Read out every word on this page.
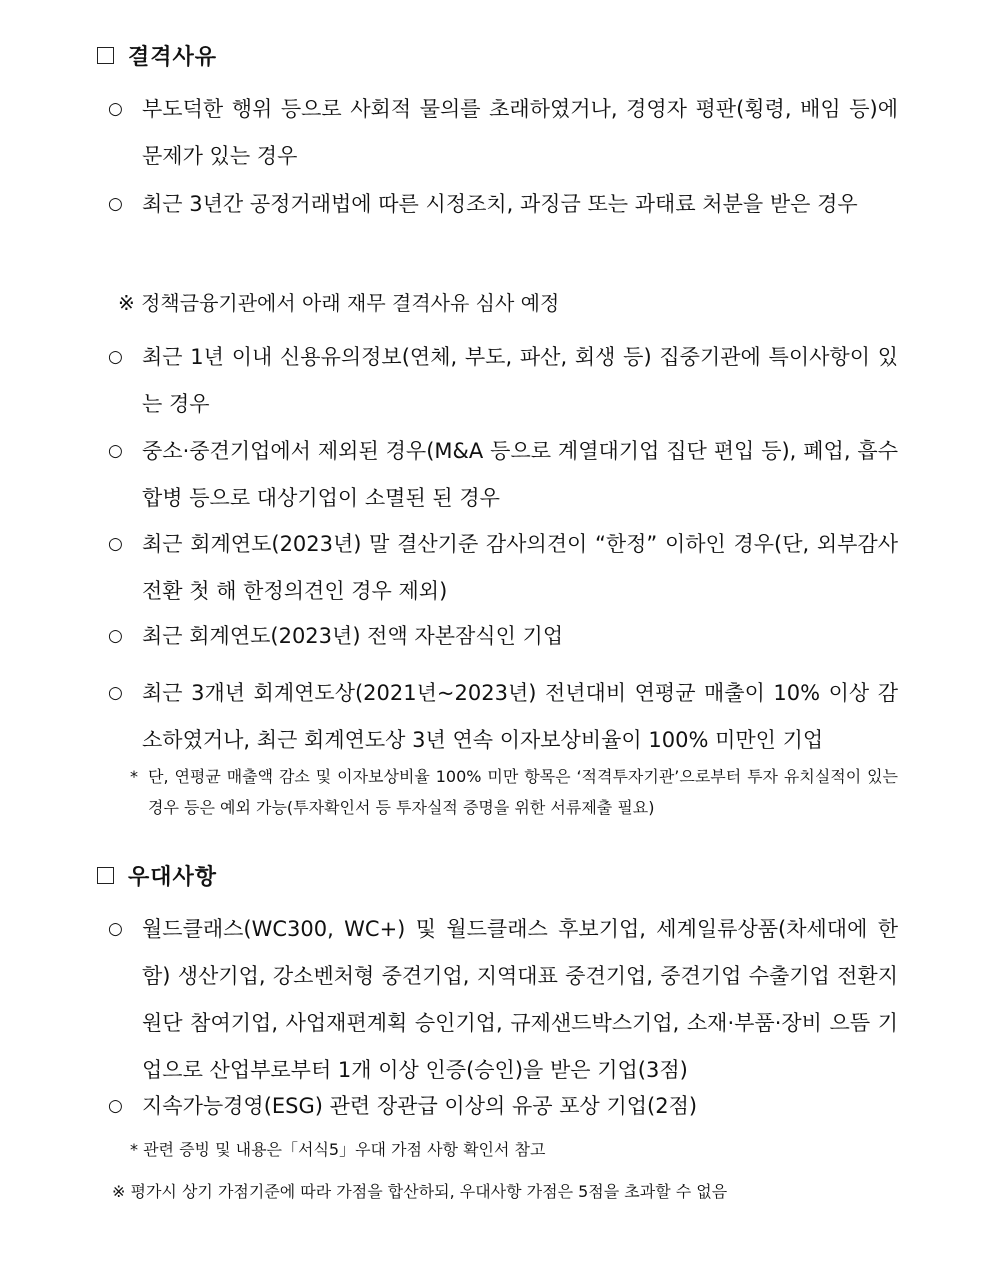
결격사유
○ 부도덕한 행위 등으로 사회적 물의를 초래하였거나, 경영자 평판(횡령, 배임 등)에 문제가 있는 경우
○ 최근 3년간 공정거래법에 따른 시정조치, 과징금 또는 과태료 처분을 받은 경우
※ 정책금융기관에서 아래 재무 결격사유 심사 예정
○ 최근 1년 이내 신용유의정보(연체, 부도, 파산, 회생 등) 집중기관에 특이사항이 있는 경우
○ 중소·중견기업에서 제외된 경우(M&A 등으로 계열대기업 집단 편입 등), 폐업, 흡수합병 등으로 대상기업이 소멸된 된 경우
○ 최근 회계연도(2023년) 말 결산기준 감사의견이 “한정” 이하인 경우(단, 외부감사 전환 첫 해 한정의견인 경우 제외)
○ 최근 회계연도(2023년) 전액 자본잠식인 기업
○ 최근 3개년 회계연도상(2021년~2023년) 전년대비 연평균 매출이 10% 이상 감소하였거나, 최근 회계연도상 3년 연속 이자보상비율이 100% 미만인 기업
* 단, 연평균 매출액 감소 및 이자보상비율 100% 미만 항목은 ‘적격투자기관’으로부터 투자 유치실적이 있는 경우 등은 예외 가능(투자확인서 등 투자실적 증명을 위한 서류제출 필요)
우대사항
○ 월드클래스(WC300, WC+) 및 월드클래스 후보기업, 세계일류상품(차세대에 한함) 생산기업, 강소벤처형 중견기업, 지역대표 중견기업, 중견기업 수출기업 전환지원단 참여기업, 사업재편계획 승인기업, 규제샌드박스기업, 소재·부품·장비 으뜸 기업으로 산업부로부터 1개 이상 인증(승인)을 받은 기업(3점)
○ 지속가능경영(ESG) 관련 장관급 이상의 유공 포상 기업(2점)
* 관련 증빙 및 내용은「서식5」우대 가점 사항 확인서 참고
※ 평가시 상기 가점기준에 따라 가점을 합산하되, 우대사항 가점은 5점을 초과할 수 없음
